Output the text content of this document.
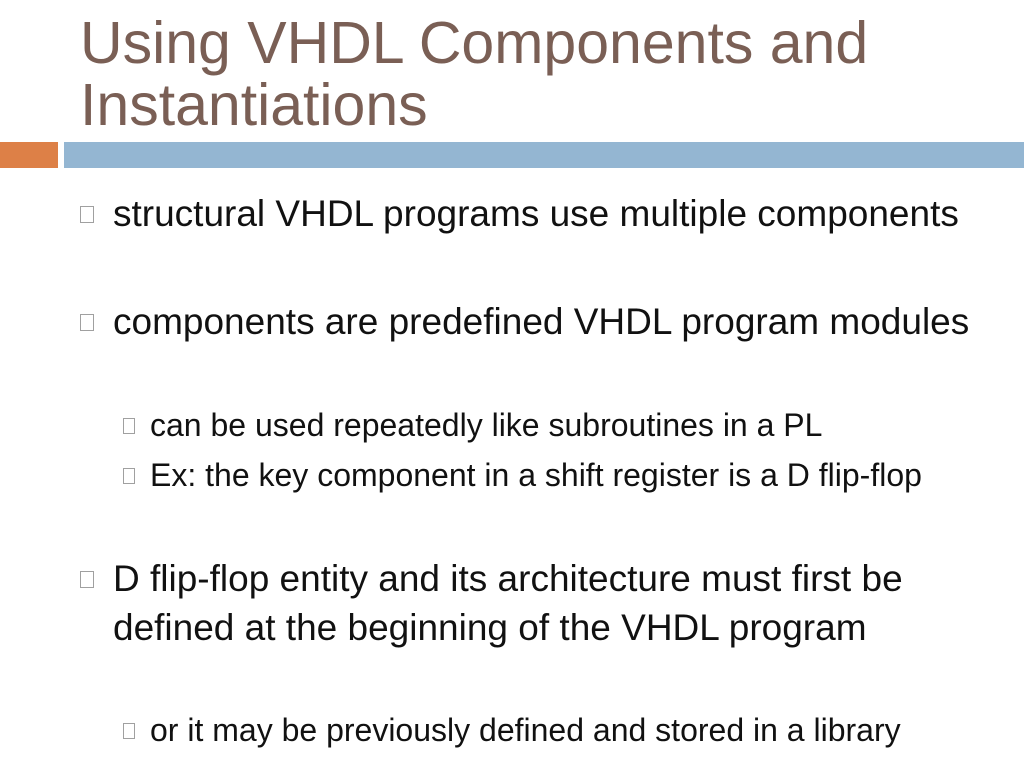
Using VHDL Components and Instantiations
structural VHDL programs use multiple components
components are predefined VHDL program modules
can be used repeatedly like subroutines in a PL
Ex: the key component in a shift register is a D flip-flop
D flip-flop entity and its architecture must first be defined at the beginning of the VHDL program
or it may be previously defined and stored in a library
